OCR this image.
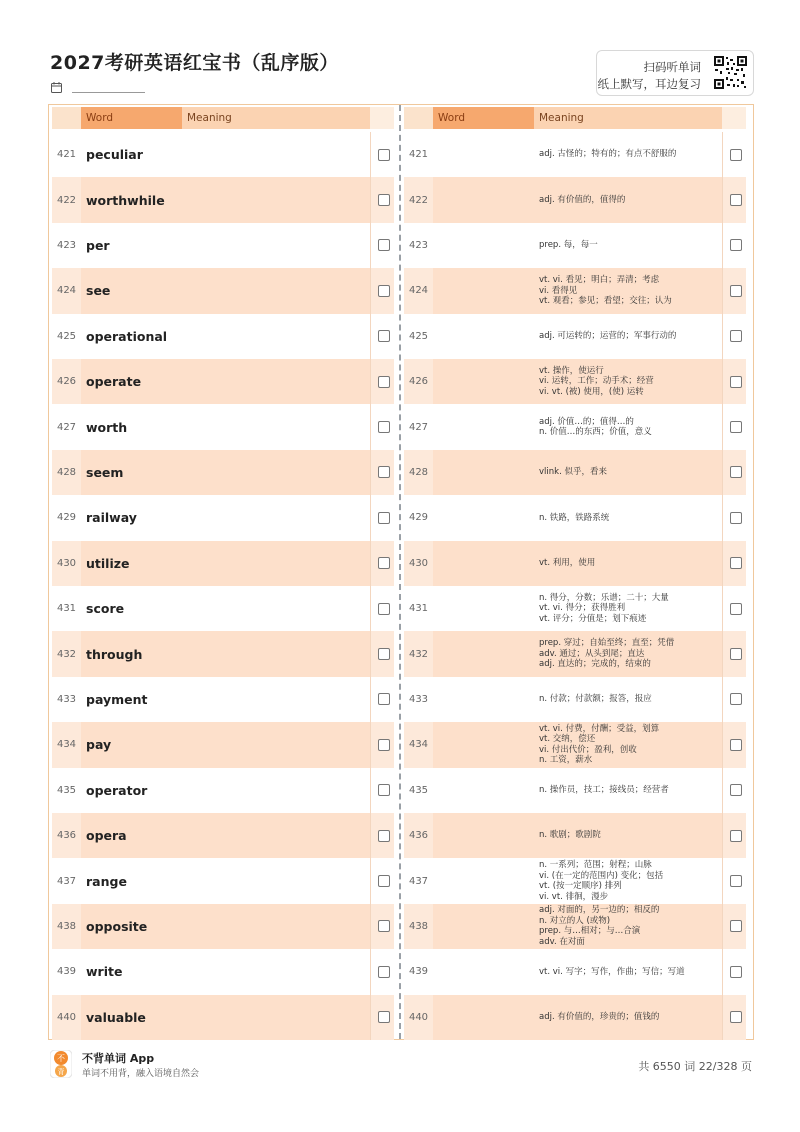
2027考研英语红宝书（乱序版）	扫码听单词
纸上默写，耳边复习
Word	Meaning
421 peculiar
422 worthwhile
423 per
424 see
425 operational
426 operate
427 worth
428 seem
429 railway
430 utilize
431 score
432 through
433 payment
434 pay
435 operator
436 opera
437 range
438 opposite
439 write
440 valuable
Word	Meaning
421	adj. 古怪的；特有的；有点不舒服的
422	adj. 有价值的，值得的
423	prep. 每，每一
424
vt. vi. 看见；明白；弄清；考虑
vi. 看得见
vt. 观看；参见；看望；交往；认为
425	adj. 可运转的；运营的；军事行动的
426
vt. 操作，使运行
vi. 运转，工作；动手术；经营
vi. vt. (被) 使用，(使) 运转
427	adj. 价值…的；值得…的
n. 价值…的东西；价值，意义
428	vlink. 似乎，看来
429	n. 铁路，铁路系统
430	vt. 利用，使用
431
n. 得分，分数；乐谱；二十；大量
vt. vi. 得分；获得胜利
vt. 评分；分值是；划下痕迹
432
prep. 穿过；自始至终；直至；凭借
adv. 通过；从头到尾；直达
adj. 直达的；完成的，结束的
433	n. 付款；付款额；报答，报应
434
vt. vi. 付费，付酬；受益，划算
vt. 交纳，偿还
vi. 付出代价；盈利，创收
n. 工资，薪水
435	n. 操作员，技工；接线员；经营者
436	n. 歌剧；歌剧院
437
n. 一系列；范围；射程；山脉
vi. (在一定的范围内) 变化；包括
vt. (按一定顺序) 排列
vi. vt. 徘徊，漫步
438
adj. 对面的，另一边的；相反的
n. 对立的人 (或物)
prep. 与…相对；与…合演
adv. 在对面
439	vt. vi. 写字；写作，作曲；写信；写道
440	adj. 有价值的，珍贵的；值钱的
不
背
不背单词 App
单词不用背，融入语境自然会
共 6550 词 22/328 页
